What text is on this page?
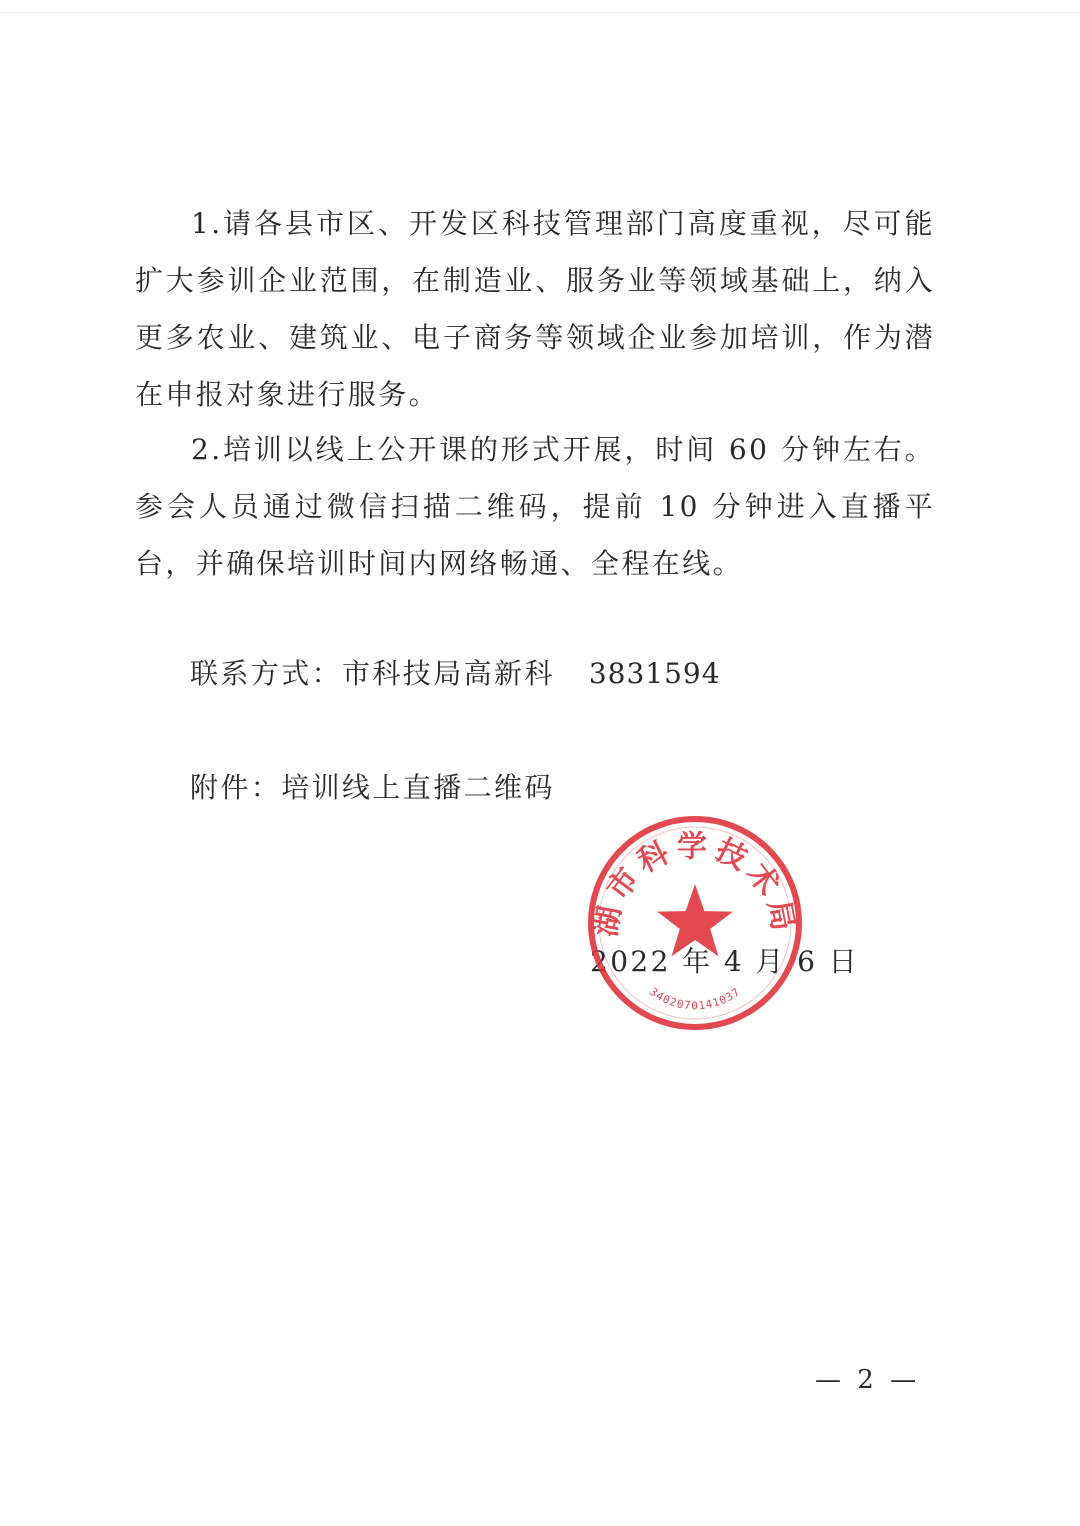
1.请各县市区、开发区科技管理部门高度重视，尽可能扩大参训企业范围，在制造业、服务业等领域基础上，纳入更多农业、建筑业、电子商务等领域企业参加培训，作为潜在申报对象进行服务。

2.培训以线上公开课的形式开展，时间 60 分钟左右。参会人员通过微信扫描二维码，提前 10 分钟进入直播平台，并确保培训时间内网络畅通、全程在线。

联系方式：市科技局高新科 3831594
附件：培训线上直播二维码
2022 年 4 月 6 日
湖市科学技术局
3402070141037
— 2 —
